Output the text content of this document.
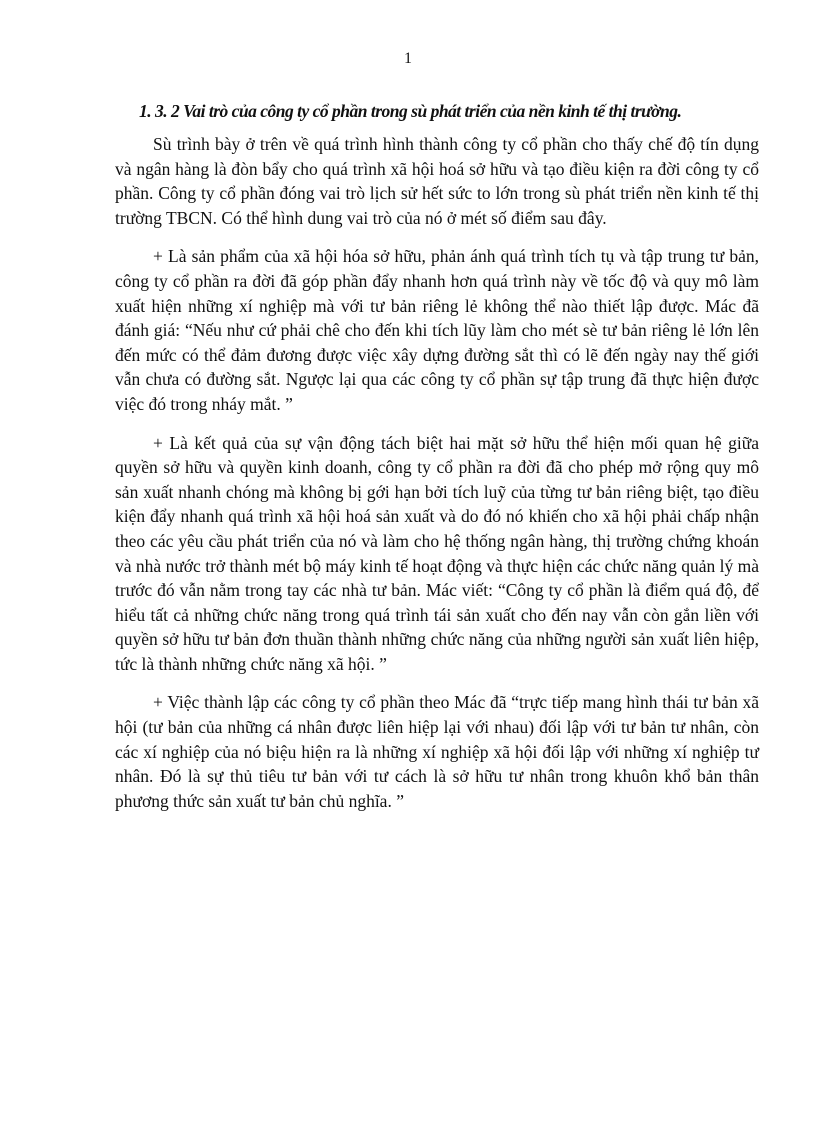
1
1. 3. 2 Vai trò của công ty cổ phần trong sù phát triển của nền kinh tế thị trường.

Sù trình bày ở trên về quá trình hình thành công ty cổ phần cho thấy chế độ tín dụng và ngân hàng là đòn bẩy cho quá trình xã hội hoá sở hữu và tạo điều kiện ra đời công ty cổ phần. Công ty cổ phần đóng vai trò lịch sử hết sức to lớn trong sù phát triển nền kinh tế thị trường TBCN. Có thể hình dung vai trò của nó ở mét số điểm sau đây.

+ Là sản phẩm của xã hội hóa sở hữu, phản ánh quá trình tích tụ và tập trung tư bản, công ty cổ phần ra đời đã góp phần đẩy nhanh hơn quá trình này về tốc độ và quy mô làm xuất hiện những xí nghiệp mà với tư bản riêng lẻ không thể nào thiết lập được. Mác đã đánh giá: “Nếu như cứ phải chê cho đến khi tích lũy làm cho mét sè tư bản riêng lẻ lớn lên đến mức có thể đảm đương được việc xây dựng đường sắt thì có lẽ đến ngày nay thế giới vẫn chưa có đường sắt. Ngược lại qua các công ty cổ phần sự tập trung đã thực hiện được việc đó trong nháy mắt. ”

+ Là kết quả của sự vận động tách biệt hai mặt sở hữu thể hiện mối quan hệ giữa quyền sở hữu và quyền kinh doanh, công ty cổ phần ra đời đã cho phép mở rộng quy mô sản xuất nhanh chóng mà không bị gới hạn bởi tích luỹ của từng tư bản riêng biệt, tạo điều kiện đẩy nhanh quá trình xã hội hoá sản xuất và do đó nó khiến cho xã hội phải chấp nhận theo các yêu cầu phát triển của nó và làm cho hệ thống ngân hàng, thị trường chứng khoán và nhà nước trở thành mét bộ máy kinh tế hoạt động và thực hiện các chức năng quản lý mà trước đó vẫn nằm trong tay các nhà tư bản. Mác viết: “Công ty cổ phần là điểm quá độ, để hiểu tất cả những chức năng trong quá trình tái sản xuất cho đến nay vẫn còn gắn liền với quyền sở hữu tư bản đơn thuần thành những chức năng của những người sản xuất liên hiệp, tức là thành những chức năng xã hội. ”

+ Việc thành lập các công ty cổ phần theo Mác đã “trực tiếp mang hình thái tư bản xã hội (tư bản của những cá nhân được liên hiệp lại với nhau) đối lập với tư bản tư nhân, còn các xí nghiệp của nó biệu hiện ra là những xí nghiệp xã hội đối lập với những xí nghiệp tư nhân. Đó là sự thủ tiêu tư bản với tư cách là sở hữu tư nhân trong khuôn khổ bản thân phương thức sản xuất tư bản chủ nghĩa. ”
